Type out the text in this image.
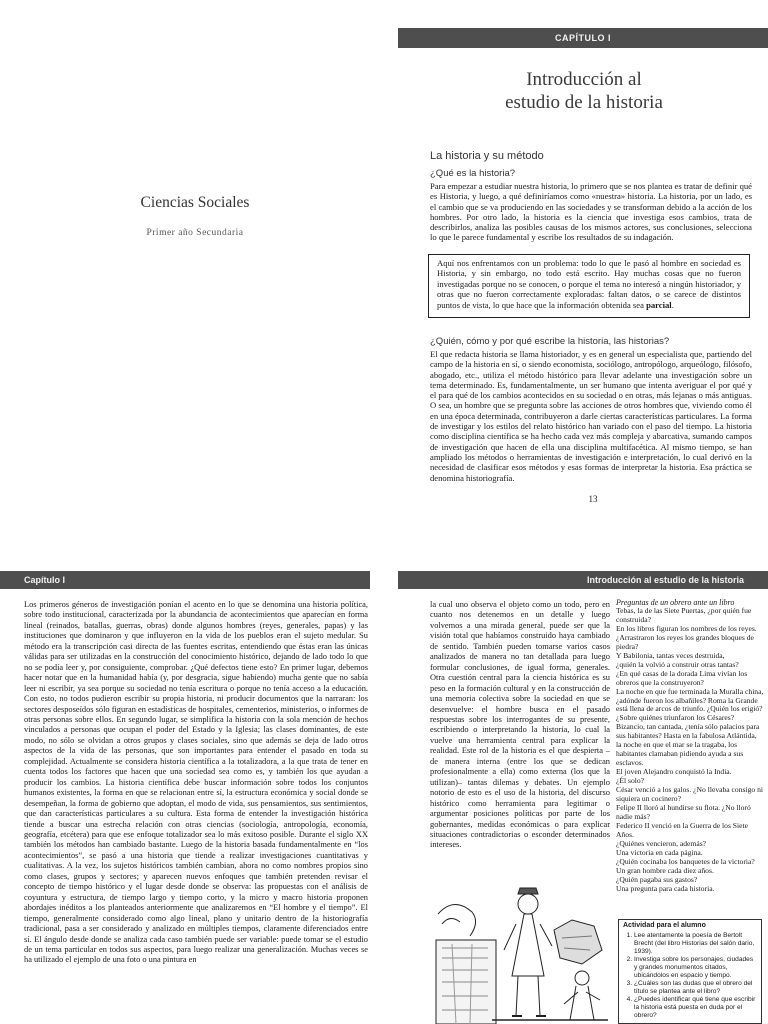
CAPÍTULO I
Ciencias Sociales
Primer año Secundaria
Introducción al
estudio de la historia
La historia y su método
¿Qué es la historia?

Para empezar a estudiar nuestra historia, lo primero que se nos plantea es tratar de definir qué es Historia, y luego, a qué definiríamos como «nuestra» historia. La historia, por un lado, es el cambio que se va produciendo en las sociedades y se transforman debido a la acción de los hombres. Por otro lado, la historia es la ciencia que investiga esos cambios, trata de describirlos, analiza las posibles causas de los mismos actores, sus conclusiones, selecciona lo que le parece fundamental y escribe los resultados de su indagación.

Aquí nos enfrentamos con un problema: todo lo que le pasó al hombre en sociedad es Historia, y sin embargo, no todo está escrito. Hay muchas cosas que no fueron investigadas porque no se conocen, o porque el tema no interesó a ningún historiador, y otras que no fueron correctamente exploradas: faltan datos, o se carece de distintos puntos de vista, lo que hace que la información obtenida sea parcial.
¿Quién, cómo y por qué escribe la historia, las historias?

El que redacta historia se llama historiador, y es en general un especialista que, partiendo del campo de la historia en sí, o siendo economista, sociólogo, antropólogo, arqueólogo, filósofo, abogado, etc., utiliza el método histórico para llevar adelante una investigación sobre un tema determinado. Es, fundamentalmente, un ser humano que intenta averiguar el por qué y el para qué de los cambios acontecidos en su sociedad o en otras, más lejanas o más antiguas. O sea, un hombre que se pregunta sobre las acciones de otros hombres que, viviendo como él en una época determinada, contribuyeron a darle ciertas características particulares. La forma de investigar y los estilos del relato histórico han variado con el paso del tiempo. La historia como disciplina científica se ha hecho cada vez más compleja y abarcativa, sumando campos de investigación que hacen de ella una disciplina multifacética. Al mismo tiempo, se han ampliado los métodos o herramientas de investigación e interpretación, lo cual derivó en la necesidad de clasificar esos métodos y esas formas de interpretar la historia. Esa práctica se denomina historiografía.

13
Capítulo I	Introducción al estudio de la historia

Los primeros géneros de investigación ponían el acento en lo que se denomina una historia política, sobre todo institucional, caracterizada por la abundancia de acontecimientos que aparecían en forma lineal (reinados, batallas, guerras, obras) donde algunos hombres (reyes, generales, papas) y las instituciones que dominaron y que influyeron en la vida de los pueblos eran el sujeto medular. Su método era la transcripción casi directa de las fuentes escritas, entendiendo que éstas eran las únicas válidas para ser utilizadas en la construcción del conocimiento histórico, dejando de lado todo lo que no se podía leer y, por consiguiente, comprobar. ¿Qué defectos tiene esto? En primer lugar, debemos hacer notar que en la humanidad había (y, por desgracia, sigue habiendo) mucha gente que no sabía leer ni escribir, ya sea porque su sociedad no tenía escritura o porque no tenía acceso a la educación. Con esto, no todos pudieron escribir su propia historia, ni producir documentos que la narraran: los sectores desposeídos sólo figuran en estadísticas de hospitales, cementerios, ministerios, o informes de otras personas sobre ellos. En segundo lugar, se simplifica la historia con la sola mención de hechos vinculados a personas que ocupan el poder del Estado y la Iglesia; las clases dominantes, de este modo, no sólo se olvidan a otros grupos y clases sociales, sino que además se deja de lado otros aspectos de la vida de las personas, que son importantes para entender el pasado en toda su complejidad. Actualmente se considera historia científica a la totalizadora, a la que trata de tener en cuenta todos los factores que hacen que una sociedad sea como es, y también los que ayudan a producir los cambios. La historia científica debe buscar información sobre todos los conjuntos humanos existentes, la forma en que se relacionan entre sí, la estructura económica y social donde se desempeñan, la forma de gobierno que adoptan, el modo de vida, sus pensamientos, sus sentimientos, que dan características particulares a su cultura. Esta forma de entender la investigación histórica tiende a buscar una estrecha relación con otras ciencias (sociología, antropología, economía, geografía, etcétera) para que ese enfoque totalizador sea lo más exitoso posible. Durante el siglo XX también los métodos han cambiado bastante. Luego de la historia basada fundamentalmente en “los acontecimientos”, se pasó a una historia que tiende a realizar investigaciones cuantitativas y cualitativas. A la vez, los sujetos históricos también cambian, ahora no como nombres propios sino como clases, grupos y sectores; y aparecen nuevos enfoques que también pretenden revisar el concepto de tiempo histórico y el lugar desde donde se observa: las propuestas con el análisis de coyuntura y estructura, de tiempo largo y tiempo corto, y la micro y macro historia proponen abordajes inéditos a los planteados anteriormente que analizaremos en “El hombre y el tiempo”. El tiempo, generalmente considerado como algo lineal, plano y unitario dentro de la historiografía tradicional, pasa a ser considerado y analizado en múltiples tiempos, claramente diferenciados entre sí. El ángulo desde donde se analiza cada caso también puede ser variable: puede tomar se el estudio de un tema particular en todos sus aspectos, para luego realizar una generalización. Muchas veces se ha utilizado el ejemplo de una foto o una pintura en

la cual uno observa el objeto como un todo, pero en cuanto nos detenemos en un detalle y luego volvemos a una mirada general, puede ser que la visión total que habíamos construido haya cambiado de sentido. También pueden tomarse varios casos analizados de manera no tan detallada para luego formular conclusiones, de igual forma, generales. Otra cuestión central para la ciencia histórica es su peso en la formación cultural y en la construcción de una memoria colectiva sobre la sociedad en que se desenvuelve: el hombre busca en el pasado respuestas sobre los interrogantes de su presente, escribiendo o interpretando la historia, lo cual la vuelve una herramienta central para explicar la realidad. Este rol de la historia es el que despierta –de manera interna (entre los que se dedican profesionalmente a ella) como externa (los que la utilizan)– tantas dilemas y debates. Un ejemplo notorio de esto es el uso de la historia, del discurso histórico como herramienta para legitimar o argumentar posiciones políticas por parte de los gobernantes, medidas económicas o para explicar situaciones contradictorias o esconder determinados intereses.

Preguntas de un obrero ante un libro
Tebas, la de las Siete Puertas, ¿por quién fue construida?
En los libros figuran los nombres de los reyes.
¿Arrastraron los reyes los grandes bloques de piedra?
Y Babilonia, tantas veces destruida,
¿quién la volvió a construir otras tantas?
¿En qué casas de la dorada Lima vivían los obreros que la construyeron?
La noche en que fue terminada la Muralla china,
¿adónde fueron los albañiles? Roma la Grande
está llena de arcos de triunfo. ¿Quién los erigió?
¿Sobre quiénes triunfaron los Césares?
Bizancio, tan cantada, ¿tenía sólo palacios para sus habitantes? Hasta en la fabulosa Atlántida,
la noche en que el mar se la tragaba, los habitantes clamaban pidiendo ayuda a sus esclavos.
El joven Alejandro conquistó la India.
¿Él solo?
César venció a los galos. ¿No llevaba consigo ni siquiera un cocinero?
Felipe II lloró al hundirse su flota. ¿No lloró nadie más?
Federico II venció en la Guerra de los Siete Años.
¿Quiénes vencieron, además?
Una victoria en cada página.
¿Quién cocinaba los banquetes de la victoria?
Un gran hombre cada diez años.
¿Quién pagaba sus gastos?
Una pregunta para cada historia.
Actividad para el alumno
1. Lee atentamente la poesía de Bertolt Brecht (del libro Historias del salón dario, 1939).
2. Investiga sobre los personajes, ciudades y grandes monumentos citados, ubicándolos en espacio y tiempo.
3. ¿Cuáles son las dudas que el obrero del título se plantea ante el libro?
4. ¿Puedes identificar qué tiene que escribir la historia está puesta en duda por el obrero?
